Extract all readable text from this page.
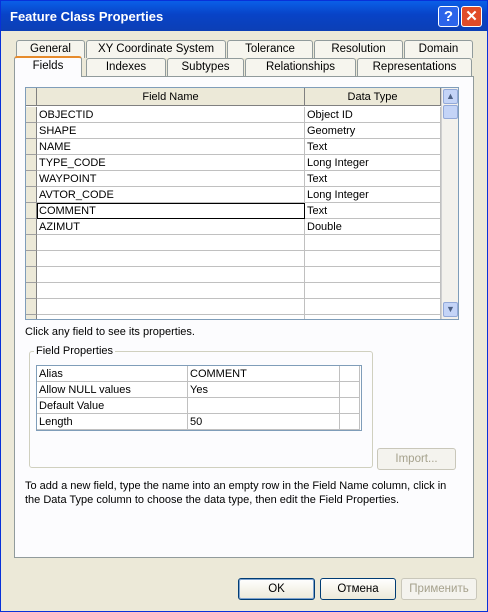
Feature Class Properties	? ✕
General	XY Coordinate System	Tolerance	Resolution	Domain
Fields	Indexes	Subtypes	Relationships	Representations
Field Name	Data Type
OBJECTID	Object ID
SHAPE	Geometry
NAME	Text
TYPE_CODE	Long Integer
WAYPOINT	Text
AVTOR_CODE	Long Integer
COMMENT	Text
AZIMUT	Double
▲
▼
Click any field to see its properties.
Field Properties
Alias	COMMENT
Allow NULL values	Yes
Default Value
Length	50
Import...
To add a new field, type the name into an empty row in the Field Name column, click in the Data Type column to choose the data type, then edit the Field Properties.
OK	Отмена	Применить
